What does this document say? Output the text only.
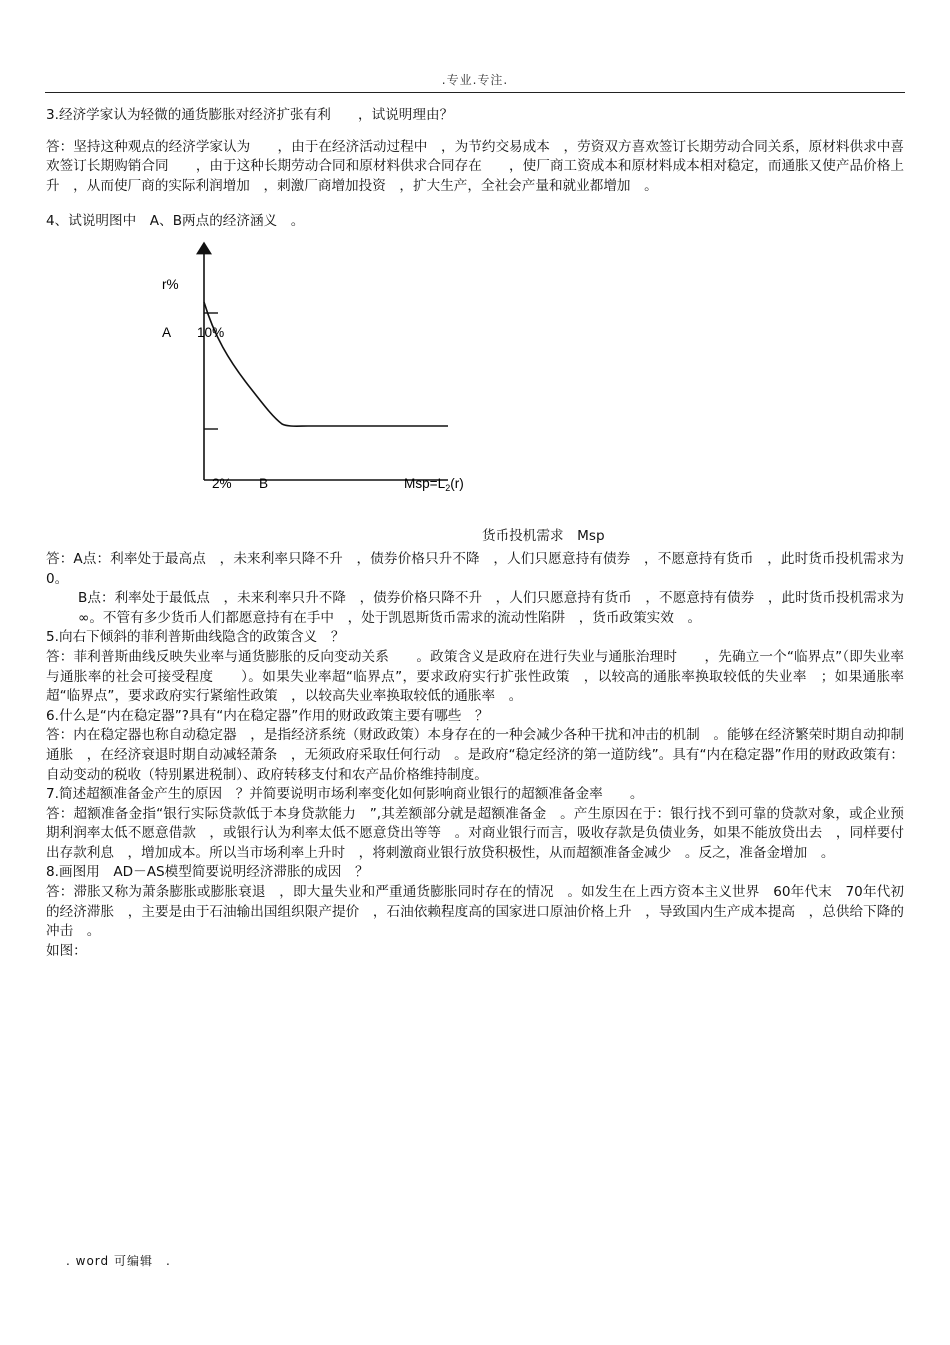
.专业.专注.

3.经济学家认为轻微的通货膨胀对经济扩张有利　　，试说明理由？

答：坚持这种观点的经济学家认为　　，由于在经济活动过程中　，为节约交易成本　，劳资双方喜欢签订长期劳动合同关系，原材料供求中喜欢签订长期购销合同　　，由于这种长期劳动合同和原材料供求合同存在　　，使厂商工资成本和原材料成本相对稳定，而通胀又使产品价格上升　，从而使厂商的实际利润增加　，刺激厂商增加投资　，扩大生产，全社会产量和就业都增加　。

4、试说明图中　A、B两点的经济涵义　。

r%
A 10%
2% B	$Msp=L_2(r)$
货币投机需求　Msp

答：A点：利率处于最高点　，未来利率只降不升　，债券价格只升不降　，人们只愿意持有债券　，不愿意持有货币　，此时货币投机需求为　0。

B点：利率处于最低点　，未来利率只升不降　，债券价格只降不升　，人们只愿意持有货币　，不愿意持有债券　，此时货币投机需求为　∞。不管有多少货币人们都愿意持有在手中　，处于凯恩斯货币需求的流动性陷阱　，货币政策实效　。

5.向右下倾斜的菲利普斯曲线隐含的政策含义　？

答：菲利普斯曲线反映失业率与通货膨胀的反向变动关系　　。政策含义是政府在进行失业与通胀治理时　　，先确立一个“临界点”（即失业率与通胀率的社会可接受程度　　）。如果失业率超“临界点”，要求政府实行扩张性政策　，以较高的通胀率换取较低的失业率　；如果通胀率超“临界点”，要求政府实行紧缩性政策　，以较高失业率换取较低的通胀率　。

6.什么是“内在稳定器”?具有“内在稳定器”作用的财政政策主要有哪些　？

答：内在稳定器也称自动稳定器　，是指经济系统（财政政策）本身存在的一种会减少各种干扰和冲击的机制　。能够在经济繁荣时期自动抑制通胀　，在经济衰退时期自动减轻萧条　，无须政府采取任何行动　。是政府“稳定经济的第一道防线”。具有“内在稳定器”作用的财政政策有：自动变动的税收（特别累进税制）、政府转移支付和农产品价格维持制度。

7.简述超额准备金产生的原因　？并简要说明市场利率变化如何影响商业银行的超额准备金率　　。

答：超额准备金指“银行实际贷款低于本身贷款能力　”,其差额部分就是超额准备金　。产生原因在于：银行找不到可靠的贷款对象，或企业预期利润率太低不愿意借款　，或银行认为利率太低不愿意贷出等等　。对商业银行而言，吸收存款是负债业务，如果不能放贷出去　，同样要付出存款利息　，增加成本。所以当市场利率上升时　，将刺激商业银行放贷积极性，从而超额准备金减少　。反之，准备金增加　。

8.画图用　AD－AS模型简要说明经济滞胀的成因　？

答：滞胀又称为萧条膨胀或膨胀衰退　，即大量失业和严重通货膨胀同时存在的情况　。如发生在上西方资本主义世界　60年代末　70年代初的经济滞胀　，主要是由于石油输出国组织限产提价　，石油依赖程度高的国家进口原油价格上升　，导致国内生产成本提高　，总供给下降的冲击　。

如图：

. word 可编辑　.
